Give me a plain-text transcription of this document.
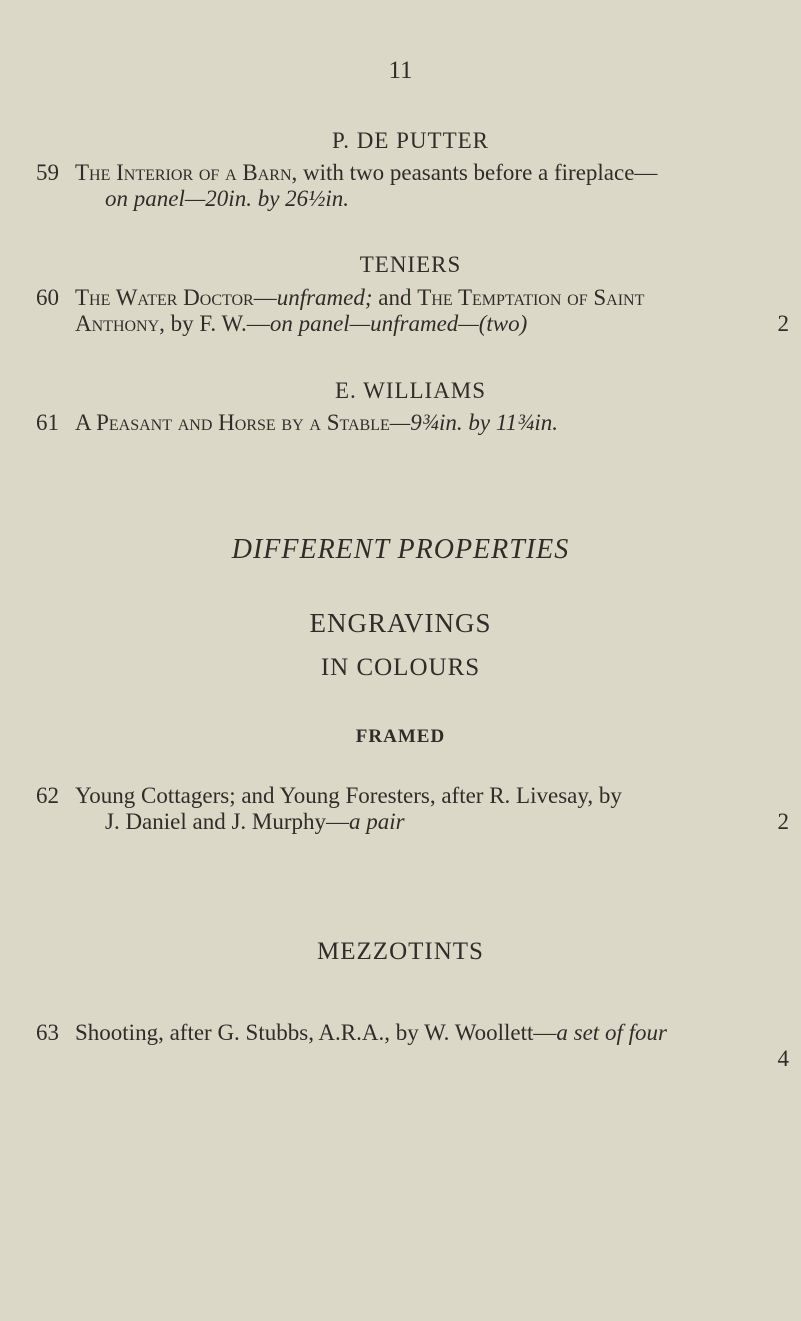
11
P. DE PUTTER
59 The Interior of a Barn, with two peasants before a fireplace—
on panel—20in. by 26½in.
TENIERS
60 The Water Doctor—unframed; and The Temptation of Saint
Anthony, by F. W.—on panel—unframed—(two)	2
E. WILLIAMS
61 A Peasant and Horse by a Stable—9¾in. by 11¾in.
DIFFERENT PROPERTIES
ENGRAVINGS
IN COLOURS
FRAMED
62 Young Cottagers; and Young Foresters, after R. Livesay, by
J. Daniel and J. Murphy—a pair	2
MEZZOTINTS
63 Shooting, after G. Stubbs, A.R.A., by W. Woollett—a set of four
4
